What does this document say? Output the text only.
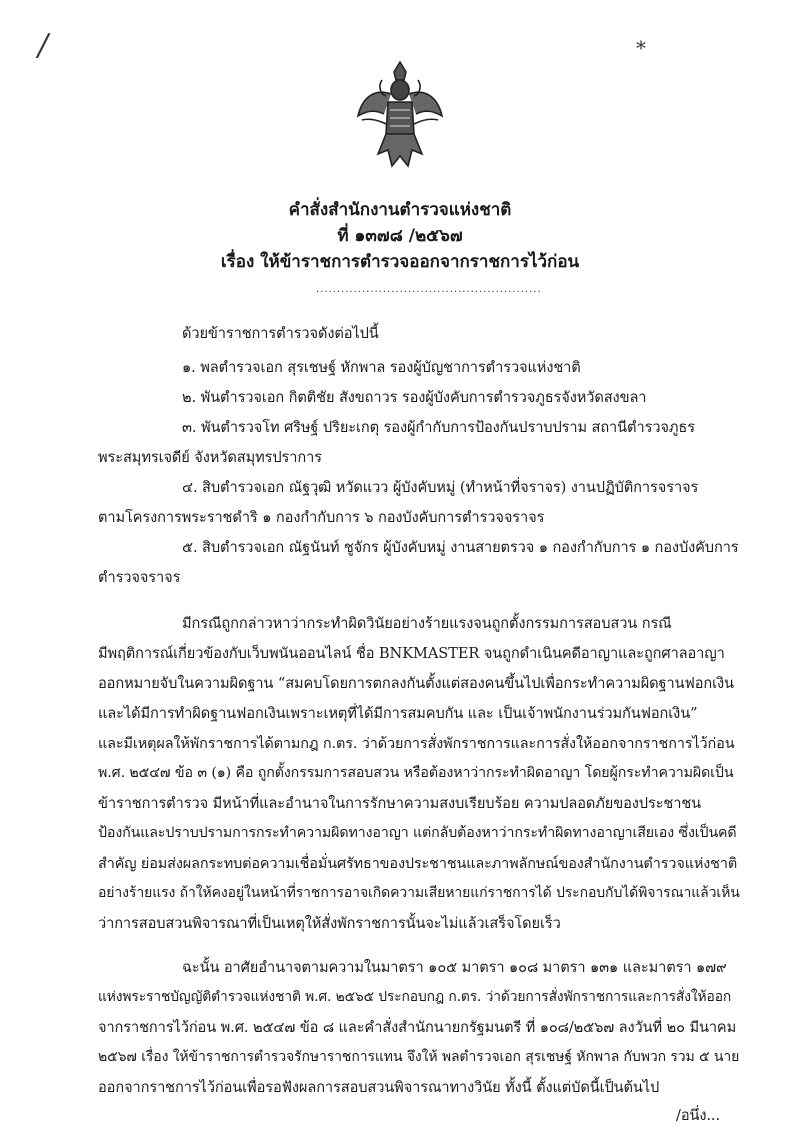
/	*
คำสั่งสำนักงานตำรวจแห่งชาติ
ที่ ๑๓๗๘ /๒๕๖๗
เรื่อง ให้ข้าราชการตำรวจออกจากราชการไว้ก่อน
......................................................
ด้วยข้าราชการตำรวจดังต่อไปนี้
๑. พลตำรวจเอก สุรเชษฐ์ หักพาล รองผู้บัญชาการตำรวจแห่งชาติ
๒. พันตำรวจเอก กิตติชัย สังขถาวร รองผู้บังคับการตำรวจภูธรจังหวัดสงขลา
๓. พันตำรวจโท ศริษฐ์ ปริยะเกตุ รองผู้กำกับการป้องกันปราบปราม สถานีตำรวจภูธร
พระสมุทรเจดีย์ จังหวัดสมุทรปราการ
๔. สิบตำรวจเอก ณัฐวุฒิ หวัดแวว ผู้บังคับหมู่ (ทำหน้าที่จราจร) งานปฏิบัติการจราจร
ตามโครงการพระราชดำริ ๑ กองกำกับการ ๖ กองบังคับการตำรวจจราจร
๕. สิบตำรวจเอก ณัฐนันท์ ชูจักร ผู้บังคับหมู่ งานสายตรวจ ๑ กองกำกับการ ๑ กองบังคับการ
ตำรวจจราจร
มีกรณีถูกกล่าวหาว่ากระทำผิดวินัยอย่างร้ายแรงจนถูกตั้งกรรมการสอบสวน กรณี
มีพฤติการณ์เกี่ยวข้องกับเว็บพนันออนไลน์ ชื่อ BNKMASTER จนถูกดำเนินคดีอาญาและถูกศาลอาญา
ออกหมายจับในความผิดฐาน “สมคบโดยการตกลงกันตั้งแต่สองคนขึ้นไปเพื่อกระทำความผิดฐานฟอกเงิน
และได้มีการทำผิดฐานฟอกเงินเพราะเหตุที่ได้มีการสมคบกัน และ เป็นเจ้าพนักงานร่วมกันฟอกเงิน”
และมีเหตุผลให้พักราชการได้ตามกฎ ก.ตร. ว่าด้วยการสั่งพักราชการและการสั่งให้ออกจากราชการไว้ก่อน
พ.ศ. ๒๕๔๗ ข้อ ๓ (๑) คือ ถูกตั้งกรรมการสอบสวน หรือต้องหาว่ากระทำผิดอาญา โดยผู้กระทำความผิดเป็น
ข้าราชการตำรวจ มีหน้าที่และอำนาจในการรักษาความสงบเรียบร้อย ความปลอดภัยของประชาชน
ป้องกันและปราบปรามการกระทำความผิดทางอาญา แต่กลับต้องหาว่ากระทำผิดทางอาญาเสียเอง ซึ่งเป็นคดี
สำคัญ ย่อมส่งผลกระทบต่อความเชื่อมั่นศรัทธาของประชาชนและภาพลักษณ์ของสำนักงานตำรวจแห่งชาติ
อย่างร้ายแรง ถ้าให้คงอยู่ในหน้าที่ราชการอาจเกิดความเสียหายแก่ราชการได้ ประกอบกับได้พิจารณาแล้วเห็น
ว่าการสอบสวนพิจารณาที่เป็นเหตุให้สั่งพักราชการนั้นจะไม่แล้วเสร็จโดยเร็ว
ฉะนั้น อาศัยอำนาจตามความในมาตรา ๑๐๕ มาตรา ๑๐๘ มาตรา ๑๓๑ และมาตรา ๑๗๙
แห่งพระราชบัญญัติตำรวจแห่งชาติ พ.ศ. ๒๕๖๕ ประกอบกฎ ก.ตร. ว่าด้วยการสั่งพักราชการและการสั่งให้ออก
จากราชการไว้ก่อน พ.ศ. ๒๕๔๗ ข้อ ๘ และคำสั่งสำนักนายกรัฐมนตรี ที่ ๑๐๘/๒๕๖๗ ลงวันที่ ๒๐ มีนาคม
๒๕๖๗ เรื่อง ให้ข้าราชการตำรวจรักษาราชการแทน จึงให้ พลตำรวจเอก สุรเชษฐ์ หักพาล กับพวก รวม ๕ นาย
ออกจากราชการไว้ก่อนเพื่อรอฟังผลการสอบสวนพิจารณาทางวินัย ทั้งนี้ ตั้งแต่บัดนี้เป็นต้นไป
/อนึ่ง...
